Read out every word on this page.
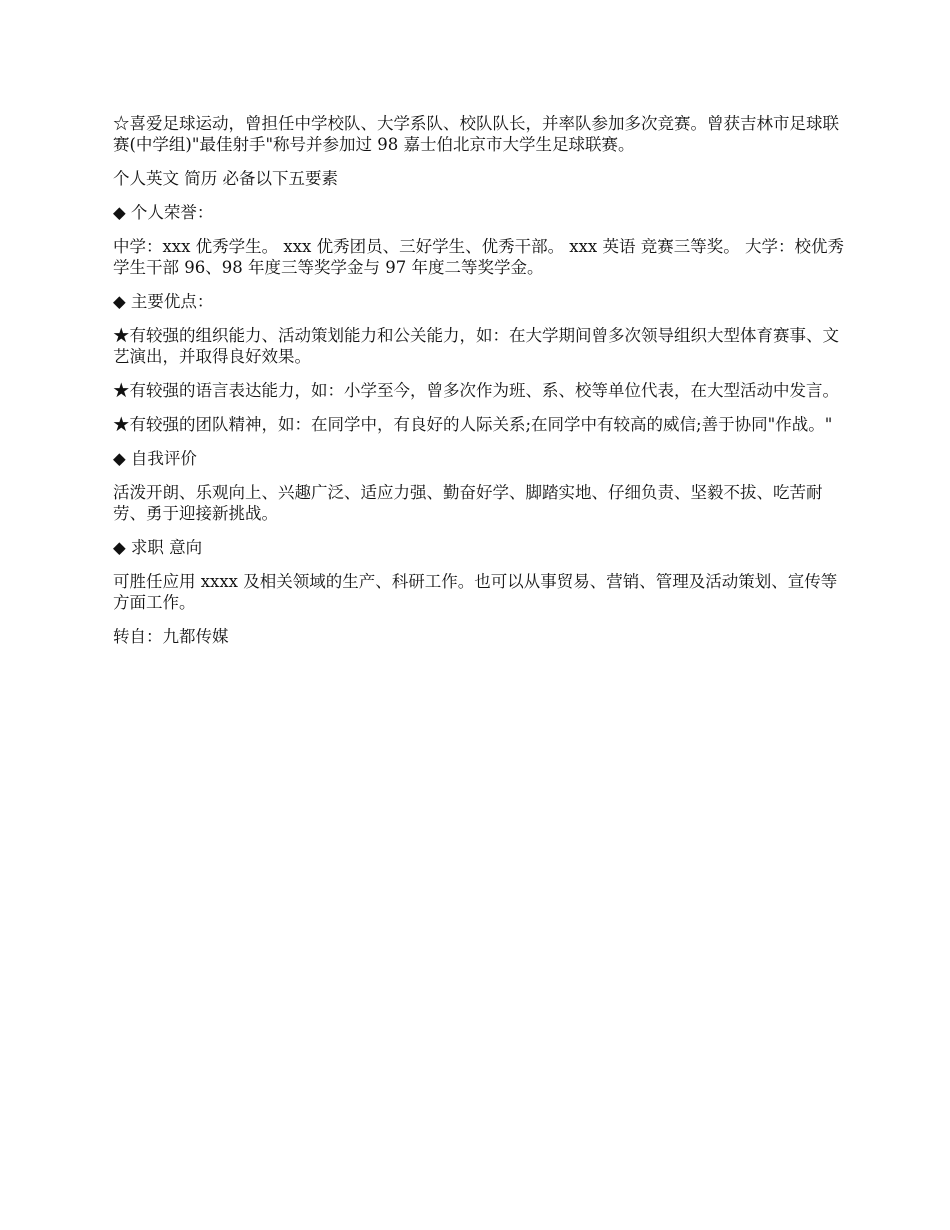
☆喜爱足球运动，曾担任中学校队、大学系队、校队队长，并率队参加多次竞赛。曾获吉林市足球联赛(中学组)"最佳射手"称号并参加过 98 嘉士伯北京市大学生足球联赛。

个人英文 简历 必备以下五要素

◆ 个人荣誉：

中学：xxx 优秀学生。 xxx 优秀团员、三好学生、优秀干部。 xxx 英语 竞赛三等奖。 大学：校优秀学生干部 96、98 年度三等奖学金与 97 年度二等奖学金。

◆ 主要优点：

★有较强的组织能力、活动策划能力和公关能力，如：在大学期间曾多次领导组织大型体育赛事、文艺演出，并取得良好效果。

★有较强的语言表达能力，如：小学至今，曾多次作为班、系、校等单位代表，在大型活动中发言。

★有较强的团队精神，如：在同学中，有良好的人际关系;在同学中有较高的威信;善于协同"作战。"

◆ 自我评价

活泼开朗、乐观向上、兴趣广泛、适应力强、勤奋好学、脚踏实地、仔细负责、坚毅不拔、吃苦耐劳、勇于迎接新挑战。

◆ 求职 意向

可胜任应用 xxxx 及相关领域的生产、科研工作。也可以从事贸易、营销、管理及活动策划、宣传等方面工作。

转自：九都传媒
